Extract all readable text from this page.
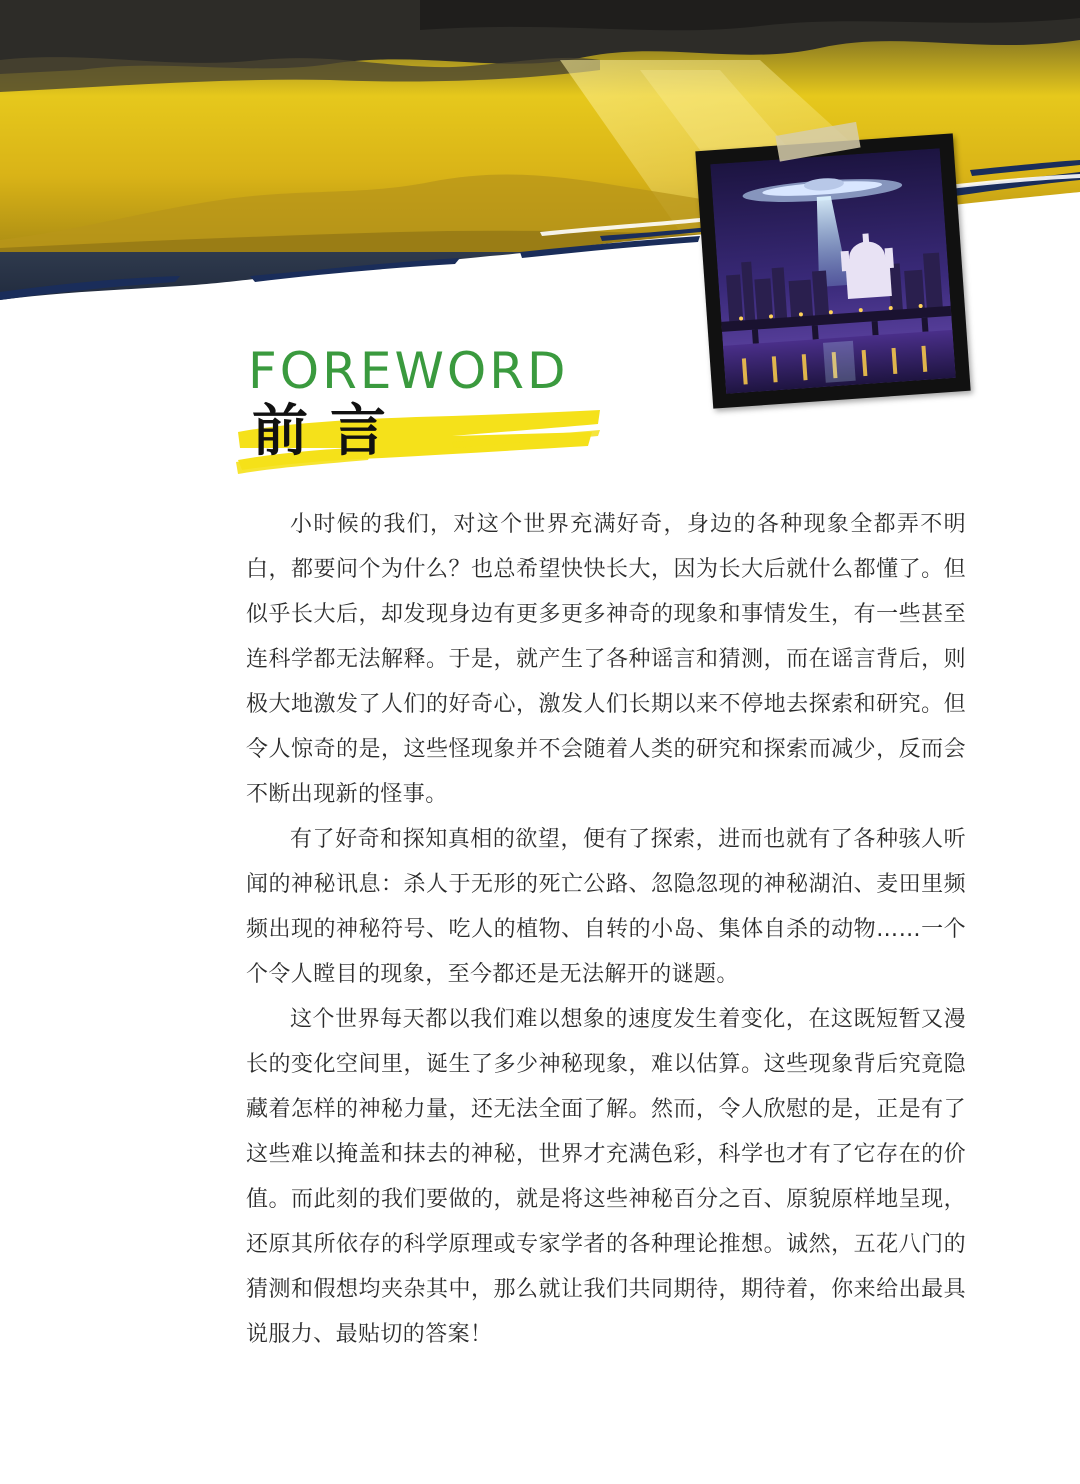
FOREWORD
前言

小时候的我们，对这个世界充满好奇，身边的各种现象全都弄不明白，都要问个为什么？也总希望快快长大，因为长大后就什么都懂了。但似乎长大后，却发现身边有更多更多神奇的现象和事情发生，有一些甚至连科学都无法解释。于是，就产生了各种谣言和猜测，而在谣言背后，则极大地激发了人们的好奇心，激发人们长期以来不停地去探索和研究。但令人惊奇的是，这些怪现象并不会随着人类的研究和探索而减少，反而会不断出现新的怪事。

有了好奇和探知真相的欲望，便有了探索，进而也就有了各种骇人听闻的神秘讯息：杀人于无形的死亡公路、忽隐忽现的神秘湖泊、麦田里频频出现的神秘符号、吃人的植物、自转的小岛、集体自杀的动物……一个个令人瞠目的现象，至今都还是无法解开的谜题。

这个世界每天都以我们难以想象的速度发生着变化，在这既短暂又漫长的变化空间里，诞生了多少神秘现象，难以估算。这些现象背后究竟隐藏着怎样的神秘力量，还无法全面了解。然而，令人欣慰的是，正是有了这些难以掩盖和抹去的神秘，世界才充满色彩，科学也才有了它存在的价值。而此刻的我们要做的，就是将这些神秘百分之百、原貌原样地呈现，还原其所依存的科学原理或专家学者的各种理论推想。诚然，五花八门的猜测和假想均夹杂其中，那么就让我们共同期待，期待着，你来给出最具说服力、最贴切的答案！
